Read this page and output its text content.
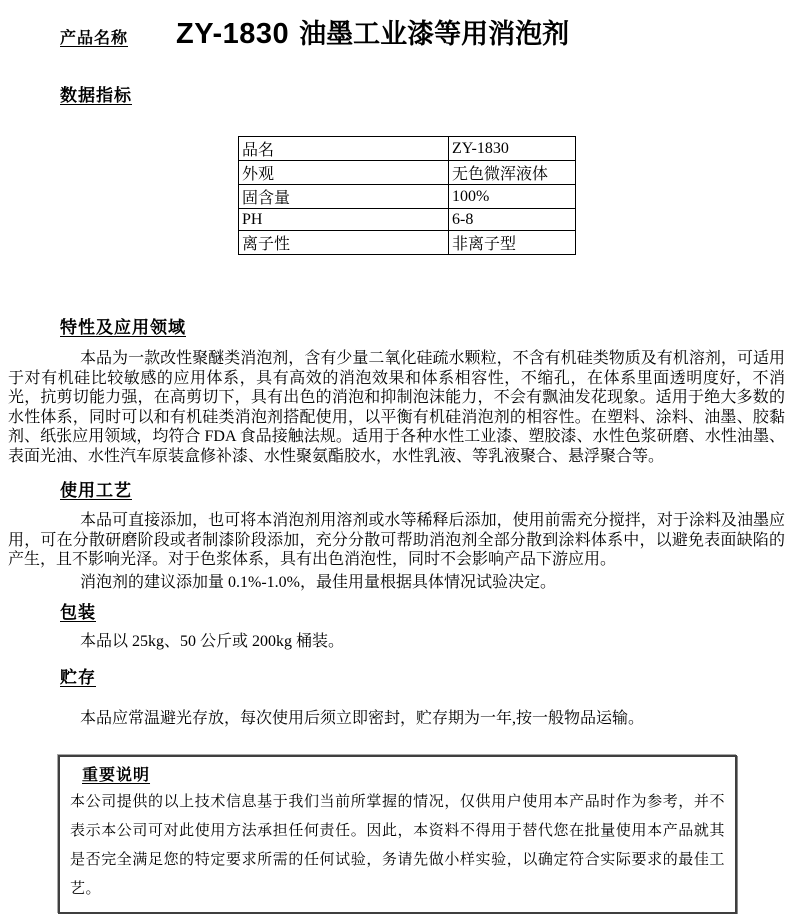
产品名称 ZY-1830 油墨工业漆等用消泡剂
数据指标
品名	ZY-1830
外观	无色微浑液体
固含量	100%
PH	6-8
离子性	非离子型
特性及应用领域

本品为一款改性聚醚类消泡剂，含有少量二氧化硅疏水颗粒，不含有机硅类物质及有机溶剂，可适用于对有机硅比较敏感的应用体系，具有高效的消泡效果和体系相容性，不缩孔，在体系里面透明度好，不消光，抗剪切能力强，在高剪切下，具有出色的消泡和抑制泡沫能力，不会有飘油发花现象。适用于绝大多数的水性体系，同时可以和有机硅类消泡剂搭配使用，以平衡有机硅消泡剂的相容性。在塑料、涂料、油墨、胶黏剂、纸张应用领域，均符合 FDA 食品接触法规。适用于各种水性工业漆、塑胶漆、水性色浆研磨、水性油墨、表面光油、水性汽车原装盒修补漆、水性聚氨酯胶水，水性乳液、等乳液聚合、悬浮聚合等。

使用工艺

本品可直接添加，也可将本消泡剂用溶剂或水等稀释后添加，使用前需充分搅拌，对于涂料及油墨应用，可在分散研磨阶段或者制漆阶段添加，充分分散可帮助消泡剂全部分散到涂料体系中，以避免表面缺陷的产生，且不影响光泽。对于色浆体系，具有出色消泡性，同时不会影响产品下游应用。

消泡剂的建议添加量 0.1%-1.0%，最佳用量根据具体情况试验决定。

包装

本品以 25kg、50 公斤或 200kg 桶装。

贮存

本品应常温避光存放，每次使用后须立即密封，贮存期为一年,按一般物品运输。

重要说明

本公司提供的以上技术信息基于我们当前所掌握的情况，仅供用户使用本产品时作为参考，并不表示本公司可对此使用方法承担任何责任。因此，本资料不得用于替代您在批量使用本产品就其是否完全满足您的特定要求所需的任何试验，务请先做小样实验，以确定符合实际要求的最佳工艺。
